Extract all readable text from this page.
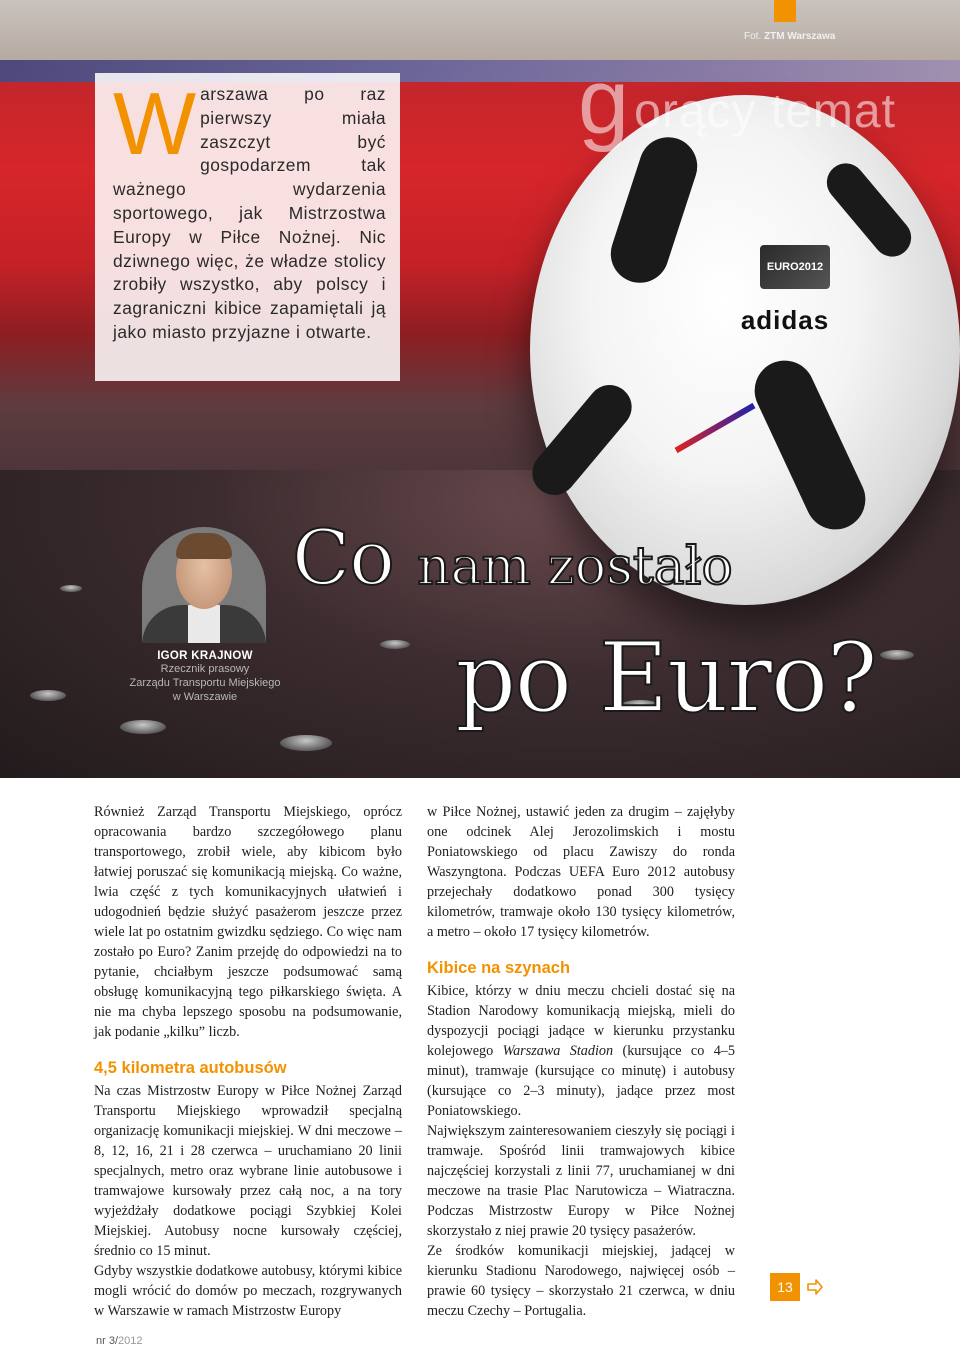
EURO2012
adidas
Fot. ZTM Warszawa
gorący temat
W arszawa po raz pierwszy miała zaszczyt być gospodarzem tak ważnego wydarzenia sportowego, jak Mistrzostwa Europy w Piłce Nożnej. Nic dziwnego więc, że władze stolicy zrobiły wszystko, aby polscy i zagraniczni kibice zapamiętali ją jako miasto przyjazne i otwarte.

IGOR KRAJNOW
Rzecznik prasowy
Zarządu Transportu Miejskiego
w Warszawie
Co nam zostało
po Euro?

Również Zarząd Transportu Miejskiego, oprócz opracowania bardzo szczegółowego planu transportowego, zrobił wiele, aby kibicom było łatwiej poruszać się komunikacją miejską. Co ważne, lwia część z tych komunikacyjnych ułatwień i udogodnień będzie służyć pasażerom jeszcze przez wiele lat po ostatnim gwizdku sędziego. Co więc nam zostało po Euro? Zanim przejdę do odpowiedzi na to pytanie, chciałbym jeszcze podsumować samą obsługę komunikacyjną tego piłkarskiego święta. A nie ma chyba lepszego sposobu na podsumowanie, jak podanie „kilku” liczb.

4,5 kilometra autobusów

Na czas Mistrzostw Europy w Piłce Nożnej Zarząd Transportu Miejskiego wprowadził specjalną organizację komunikacji miejskiej. W dni meczowe – 8, 12, 16, 21 i 28 czerwca – uruchamiano 20 linii specjalnych, metro oraz wybrane linie autobusowe i tramwajowe kursowały przez całą noc, a na tory wyjeżdżały dodatkowe pociągi Szybkiej Kolei Miejskiej. Autobusy nocne kursowały częściej, średnio co 15 minut.

Gdyby wszystkie dodatkowe autobusy, którymi kibice mogli wrócić do domów po meczach, rozgrywanych w Warszawie w ramach Mistrzostw Europy

w Piłce Nożnej, ustawić jeden za drugim – zajęłyby one odcinek Alej Jerozolimskich i mostu Poniatowskiego od placu Zawiszy do ronda Waszyngtona. Podczas UEFA Euro 2012 autobusy przejechały dodatkowo ponad 300 tysięcy kilometrów, tramwaje około 130 tysięcy kilometrów, a metro – około 17 tysięcy kilometrów.

Kibice na szynach

Kibice, którzy w dniu meczu chcieli dostać się na Stadion Narodowy komunikacją miejską, mieli do dyspozycji pociągi jadące w kierunku przystanku kolejowego Warszawa Stadion (kursujące co 4–5 minut), tramwaje (kursujące co minutę) i autobusy (kursujące co 2–3 minuty), jadące przez most Poniatowskiego.

Największym zainteresowaniem cieszyły się pociągi i tramwaje. Spośród linii tramwajowych kibice najczęściej korzystali z linii 77, uruchamianej w dni meczowe na trasie Plac Narutowicza – Wiatraczna. Podczas Mistrzostw Europy w Piłce Nożnej skorzystało z niej prawie 20 tysięcy pasażerów.

Ze środków komunikacji miejskiej, jadącej w kierunku Stadionu Narodowego, najwięcej osób – prawie 60 tysięcy – skorzystało 21 czerwca, w dniu meczu Czechy – Portugalia.

13
nr 3/2012
